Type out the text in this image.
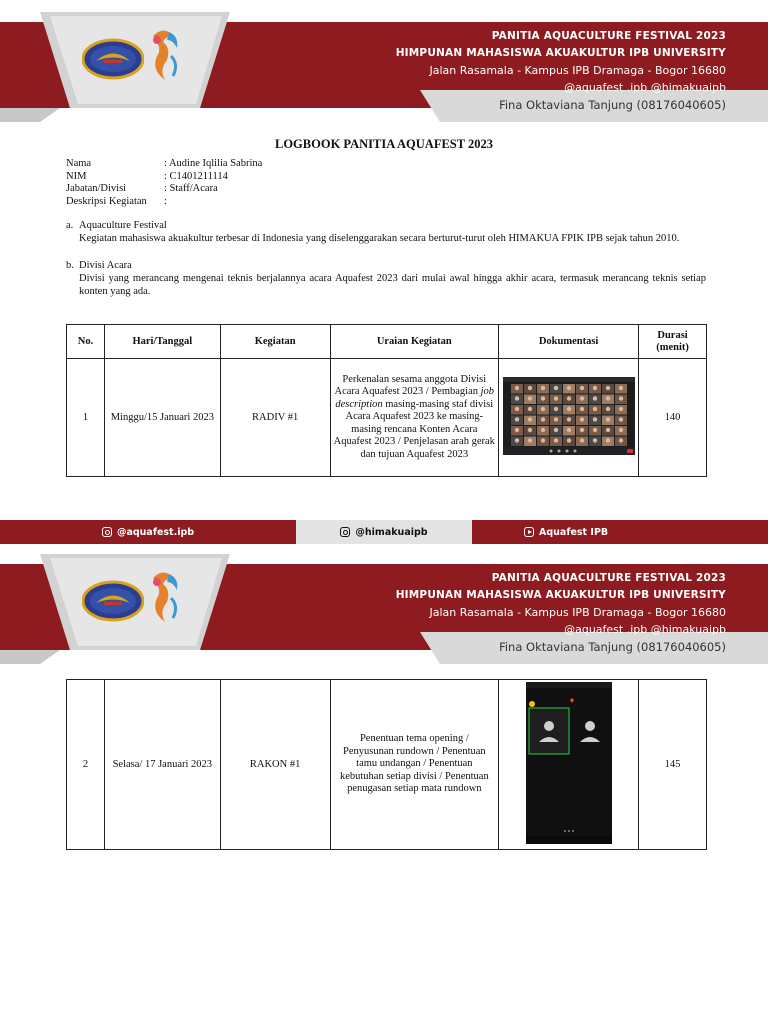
PANITIA AQUACULTURE FESTIVAL 2023
HIMPUNAN MAHASISWA AKUAKULTUR IPB UNIVERSITY
Jalan Rasamala - Kampus IPB Dramaga - Bogor 16680
@aquafest .ipb @himakuaipb
Fina Oktaviana Tanjung (08176040605)
LOGBOOK PANITIA AQUAFEST 2023
Nama	: Audine Iqlilia Sabrina
NIM	: C1401211114
Jabatan/Divisi	: Staff/Acara
Deskripsi Kegiatan	:
a. Aquaculture Festival
Kegiatan mahasiswa akuakultur terbesar di Indonesia yang diselenggarakan secara berturut-turut oleh HIMAKUA FPIK IPB sejak tahun 2010.
b. Divisi Acara
Divisi yang merancang mengenai teknis berjalannya acara Aquafest 2023 dari mulai awal hingga akhir acara, termasuk merancang teknis setiap konten yang ada.
No.	Hari/Tanggal	Kegiatan	Uraian Kegiatan	Dokumentasi	Durasi (menit)
1	Minggu/15 Januari 2023	RADIV #1	Perkenalan sesama anggota Divisi Acara Aquafest 2023 / Pembagian job description masing-masing staf divisi Acara Aquafest 2023 ke masing-masing rencana Konten Acara Aquafest 2023 / Penjelasan arah gerak dan tujuan Aquafest 2023		140
@aquafest.ipb	@himakuaipb	Aquafest IPB
PANITIA AQUACULTURE FESTIVAL 2023
HIMPUNAN MAHASISWA AKUAKULTUR IPB UNIVERSITY
Jalan Rasamala - Kampus IPB Dramaga - Bogor 16680
@aquafest .ipb @himakuaipb
Fina Oktaviana Tanjung (08176040605)
2	Selasa/ 17 Januari 2023	RAKON #1	Penentuan tema opening / Penyusunan rundown / Penentuan tamu undangan / Penentuan kebutuhan setiap divisi / Penentuan penugasan setiap mata rundown		145
